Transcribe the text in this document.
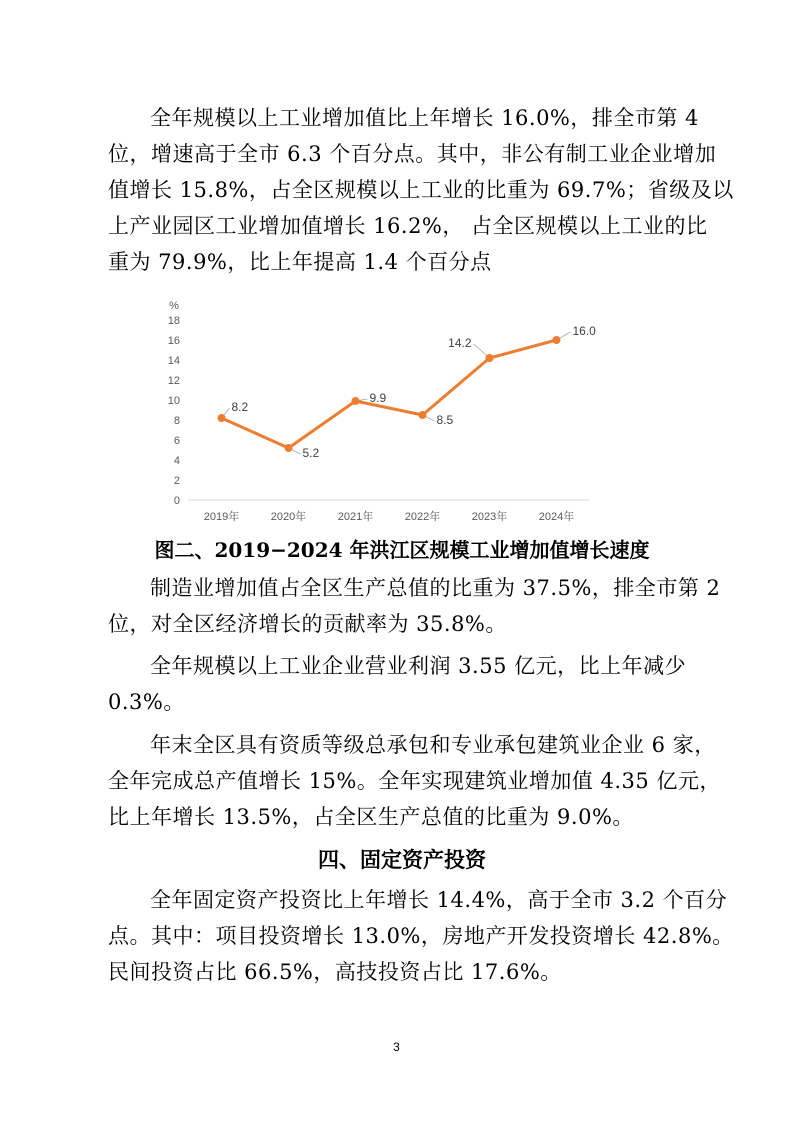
全年规模以上工业增加值比上年增长 16.0%，排全市第 4
位，增速高于全市 6.3 个百分点。其中，非公有制工业企业增加
值增长 15.8%，占全区规模以上工业的比重为 69.7%；省级及以
上产业园区工业增加值增长 16.2%， 占全区规模以上工业的比
重为 79.9%，比上年提高 1.4 个百分点

%
0
2
4
6
8
10
12
14
16
18
2019年	2020年	2021年	2022年	2023年	2024年
8.2
5.2
9.9
8.5
14.2
16.0
图二、2019−2024 年洪江区规模工业增加值增长速度

制造业增加值占全区生产总值的比重为 37.5%，排全市第 2
位，对全区经济增长的贡献率为 35.8%。

全年规模以上工业企业营业利润 3.55 亿元，比上年减少
0.3%。

年末全区具有资质等级总承包和专业承包建筑业企业 6 家，
全年完成总产值增长 15%。全年实现建筑业增加值 4.35 亿元，
比上年增长 13.5%，占全区生产总值的比重为 9.0%。

四、固定资产投资

全年固定资产投资比上年增长 14.4%，高于全市 3.2 个百分
点。其中：项目投资增长 13.0%，房地产开发投资增长 42.8%。
民间投资占比 66.5%，高技投资占比 17.6%。

3
